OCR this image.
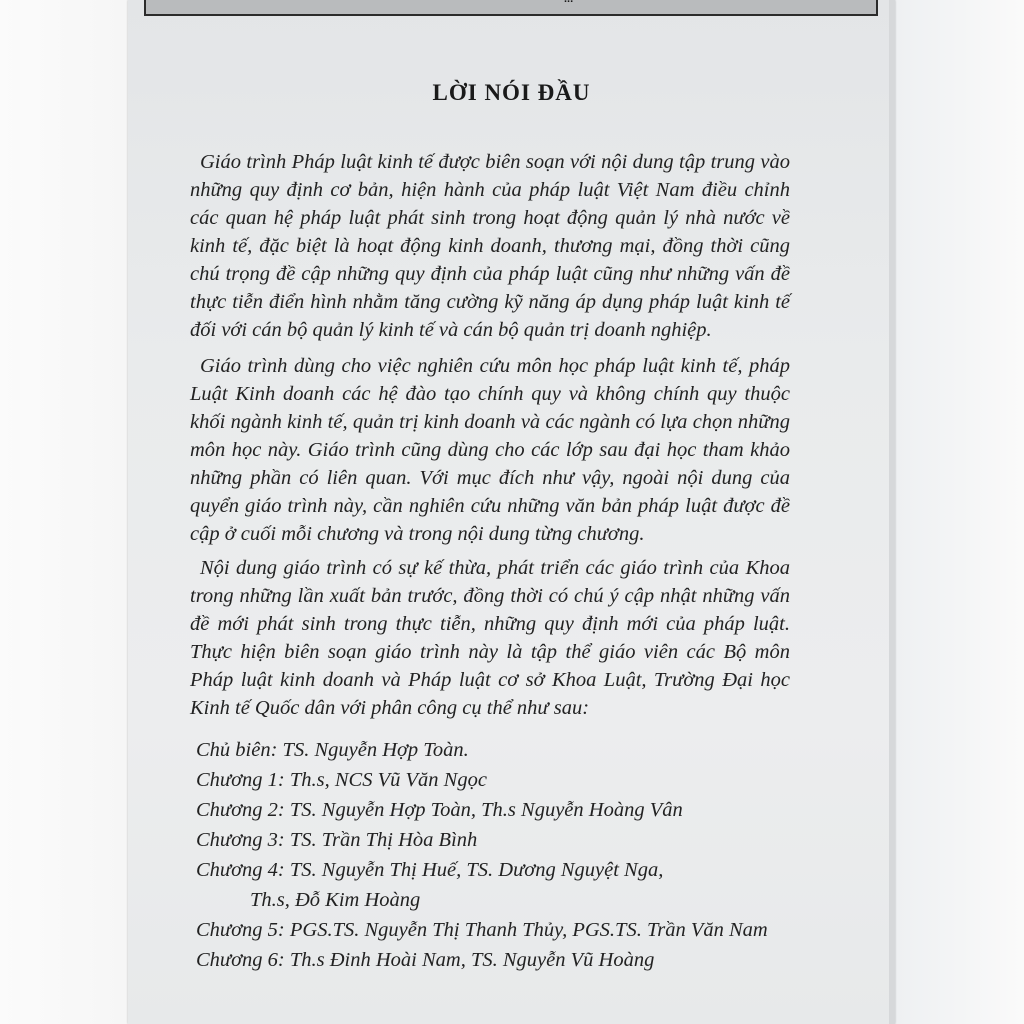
LỜI NÓI ĐẦU

Giáo trình Pháp luật kinh tế được biên soạn với nội dung tập trung vào những quy định cơ bản, hiện hành của pháp luật Việt Nam điều chỉnh các quan hệ pháp luật phát sinh trong hoạt động quản lý nhà nước về kinh tế, đặc biệt là hoạt động kinh doanh, thương mại, đồng thời cũng chú trọng đề cập những quy định của pháp luật cũng như những vấn đề thực tiễn điển hình nhằm tăng cường kỹ năng áp dụng pháp luật kinh tế đối với cán bộ quản lý kinh tế và cán bộ quản trị doanh nghiệp.

Giáo trình dùng cho việc nghiên cứu môn học pháp luật kinh tế, pháp Luật Kinh doanh các hệ đào tạo chính quy và không chính quy thuộc khối ngành kinh tế, quản trị kinh doanh và các ngành có lựa chọn những môn học này. Giáo trình cũng dùng cho các lớp sau đại học tham khảo những phần có liên quan. Với mục đích như vậy, ngoài nội dung của quyển giáo trình này, cần nghiên cứu những văn bản pháp luật được đề cập ở cuối mỗi chương và trong nội dung từng chương.

Nội dung giáo trình có sự kế thừa, phát triển các giáo trình của Khoa trong những lần xuất bản trước, đồng thời có chú ý cập nhật những vấn đề mới phát sinh trong thực tiễn, những quy định mới của pháp luật. Thực hiện biên soạn giáo trình này là tập thể giáo viên các Bộ môn Pháp luật kinh doanh và Pháp luật cơ sở Khoa Luật, Trường Đại học Kinh tế Quốc dân với phân công cụ thể như sau:

Chủ biên: TS. Nguyễn Hợp Toàn.
Chương 1: Th.s, NCS Vũ Văn Ngọc
Chương 2: TS. Nguyễn Hợp Toàn, Th.s Nguyễn Hoàng Vân
Chương 3: TS. Trần Thị Hòa Bình
Chương 4: TS. Nguyễn Thị Huế, TS. Dương Nguyệt Nga,
Th.s, Đỗ Kim Hoàng
Chương 5: PGS.TS. Nguyễn Thị Thanh Thủy, PGS.TS. Trần Văn Nam
Chương 6: Th.s Đinh Hoài Nam, TS. Nguyễn Vũ Hoàng
